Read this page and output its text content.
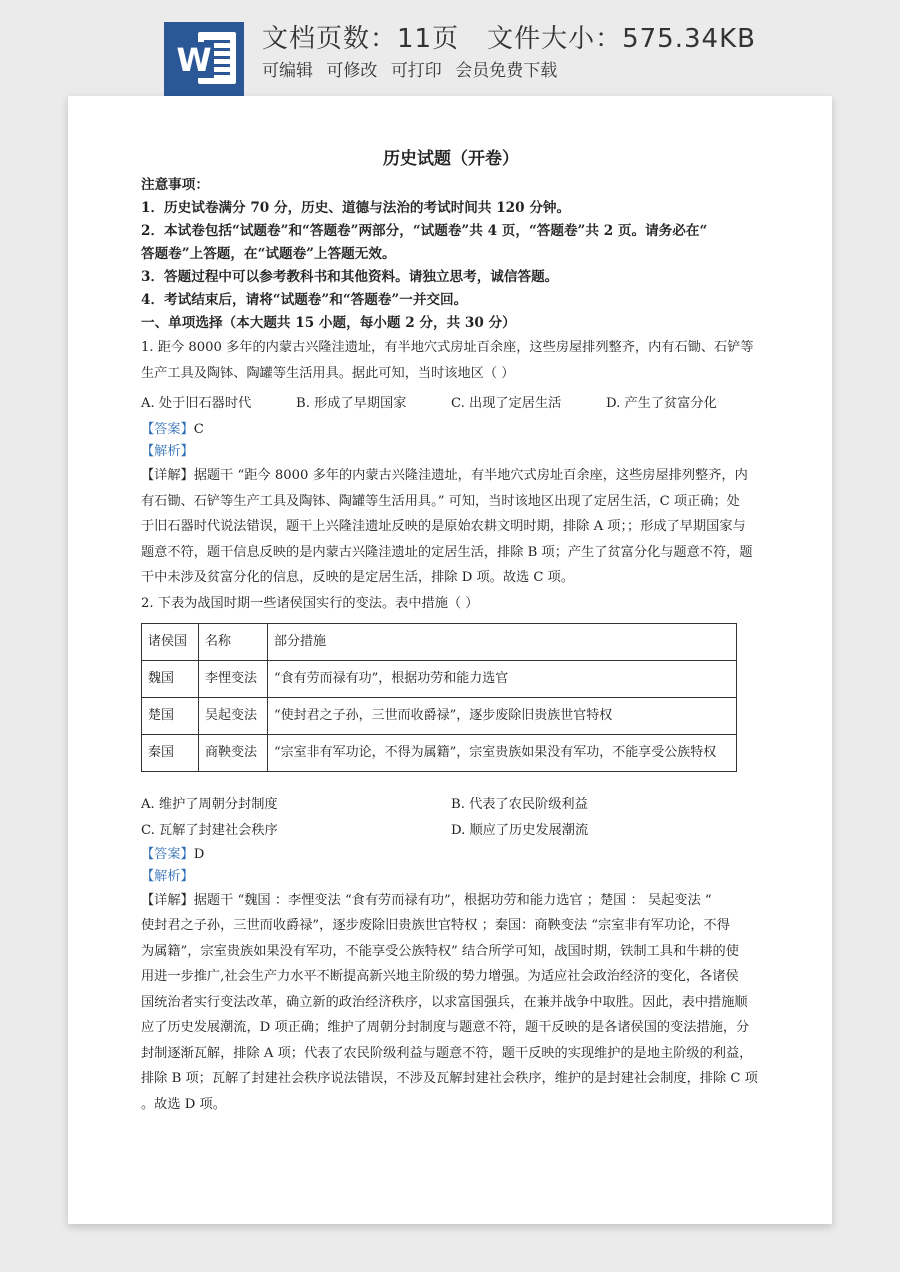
W
文档页数：11页 文件大小：575.34KB
可编辑 可修改 可打印 会员免费下载
历史试题（开卷）
注意事项：
1．历史试卷满分 70 分，历史、道德与法治的考试时间共 120 分钟。
2．本试卷包括“试题卷”和“答题卷”两部分，“试题卷”共 4 页，“答题卷”共 2 页。请务必在“
答题卷”上答题，在“试题卷”上答题无效。
3．答题过程中可以参考教科书和其他资料。请独立思考，诚信答题。
4．考试结束后，请将“试题卷”和“答题卷”一并交回。
一、单项选择（本大题共 15 小题，每小题 2 分，共 30 分）
1. 距今 8000 多年的内蒙古兴隆洼遗址，有半地穴式房址百余座，这些房屋排列整齐，内有石锄、石铲等
生产工具及陶钵、陶罐等生活用具。据此可知，当时该地区（ ）
A. 处于旧石器时代	B. 形成了早期国家	C. 出现了定居生活	D. 产生了贫富分化
【答案】C
【解析】
【详解】据题干 “距今 8000 多年的内蒙古兴隆洼遗址，有半地穴式房址百余座，这些房屋排列整齐，内
有石锄、石铲等生产工具及陶钵、陶罐等生活用具。” 可知，当时该地区出现了定居生活，C 项正确；处
于旧石器时代说法错误，题干上兴隆洼遗址反映的是原始农耕文明时期，排除 A 项；；形成了早期国家与
题意不符，题干信息反映的是内蒙古兴隆洼遗址的定居生活，排除 B 项；产生了贫富分化与题意不符，题
干中未涉及贫富分化的信息，反映的是定居生活，排除 D 项。故选 C 项。
2. 下表为战国时期一些诸侯国实行的变法。表中措施（ ）
诸侯国	名称	部分措施
魏国	李悝变法	“食有劳而禄有功”，根据功劳和能力选官
楚国	吴起变法	“使封君之子孙，三世而收爵禄”，逐步废除旧贵族世官特权
秦国	商鞅变法	“宗室非有军功论，不得为属籍”，宗室贵族如果没有军功，不能享受公族特权
A. 维护了周朝分封制度	B. 代表了农民阶级利益
C. 瓦解了封建社会秩序	D. 顺应了历史发展潮流
【答案】D
【解析】
【详解】据题干 “魏国 ：李悝变法 “食有劳而禄有功”，根据功劳和能力选官 ；楚国 ： 吴起变法 “
使封君之子孙，三世而收爵禄”，逐步废除旧贵族世官特权 ；秦国：商鞅变法 “宗室非有军功论，不得
为属籍”，宗室贵族如果没有军功，不能享受公族特权” 结合所学可知，战国时期，铁制工具和牛耕的使
用进一步推广,社会生产力水平不断提高新兴地主阶级的势力增强。为适应社会政治经济的变化，各诸侯
国统治者实行变法改革，确立新的政治经济秩序，以求富国强兵，在兼并战争中取胜。因此，表中措施顺
应了历史发展潮流，D 项正确；维护了周朝分封制度与题意不符，题干反映的是各诸侯国的变法措施，分
封制逐渐瓦解，排除 A 项；代表了农民阶级利益与题意不符，题干反映的实现维护的是地主阶级的利益，
排除 B 项；瓦解了封建社会秩序说法错误，不涉及瓦解封建社会秩序，维护的是封建社会制度，排除 C 项
。故选 D 项。
